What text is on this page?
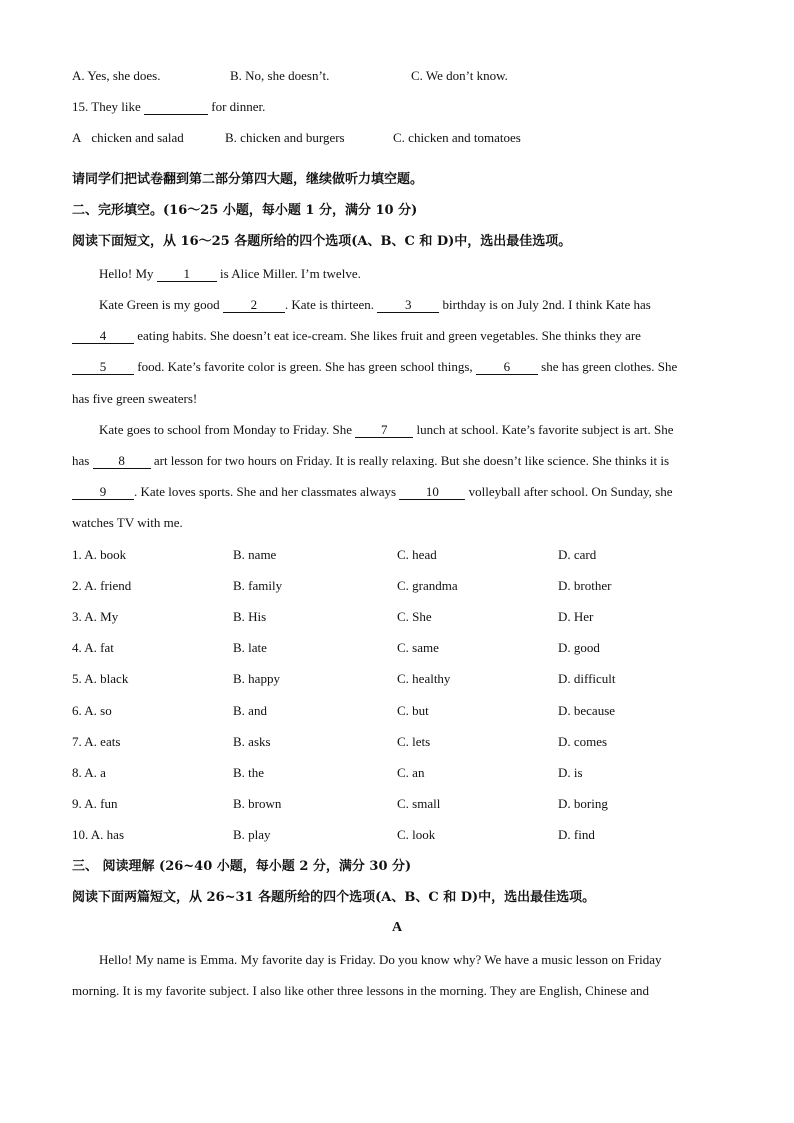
A. Yes, she does.	B. No, she doesn’t.	C. We don’t know.
15. They like	for dinner.
A chicken and salad	B. chicken and burgers	C. chicken and tomatoes
请同学们把试卷翻到第二部分第四大题，继续做听力填空题。
二、完形填空。(16～25 小题，每小题 1 分，满分 10 分)
阅读下面短文，从 16～25 各题所给的四个选项(A、B、C 和 D)中，选出最佳选项。
Hello! My 1 is Alice Miller. I’m twelve.
Kate Green is my good 2 . Kate is thirteen. 3 birthday is on July 2nd. I think Kate has
4 eating habits. She doesn’t eat ice-cream. She likes fruit and green vegetables. She thinks they are
5 food. Kate’s favorite color is green. She has green school things, 6 she has green clothes. She
has five green sweaters!
Kate goes to school from Monday to Friday. She 7 lunch at school. Kate’s favorite subject is art. She
has 8 art lesson for two hours on Friday. It is really relaxing. But she doesn’t like science. She thinks it is
9 . Kate loves sports. She and her classmates always 10 volleyball after school. On Sunday, she
watches TV with me.
1. A. book	B. name	C. head	D. card
2. A. friend	B. family	C. grandma	D. brother
3. A. My	B. His	C. She	D. Her
4. A. fat	B. late	C. same	D. good
5. A. black	B. happy	C. healthy	D. difficult
6. A. so	B. and	C. but	D. because
7. A. eats	B. asks	C. lets	D. comes
8. A. a	B. the	C. an	D. is
9. A. fun	B. brown	C. small	D. boring
10. A. has	B. play	C. look	D. find
三、 阅读理解 (26~40 小题，每小题 2 分，满分 30 分)
阅读下面两篇短文，从 26~31 各题所给的四个选项(A、B、C 和 D)中，选出最佳选项。
A
Hello! My name is Emma. My favorite day is Friday. Do you know why? We have a music lesson on Friday
morning. It is my favorite subject. I also like other three lessons in the morning. They are English, Chinese and
